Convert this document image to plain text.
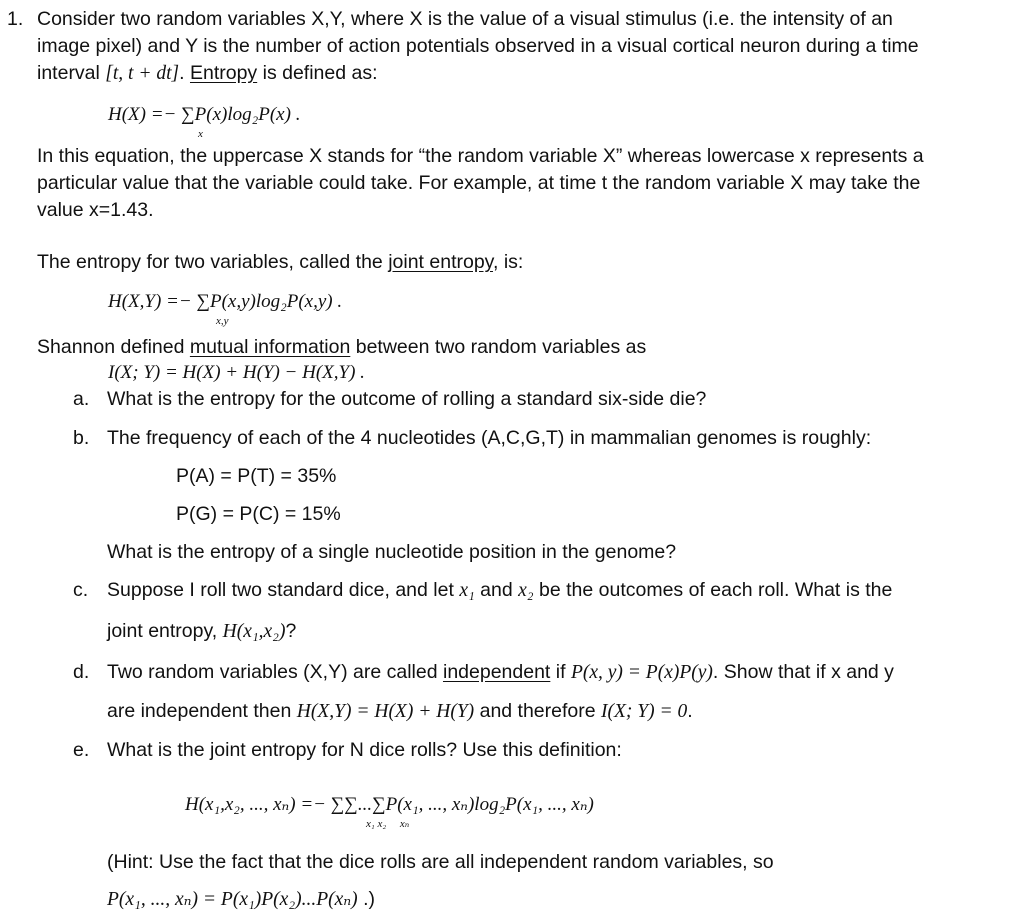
1. Consider two random variables X,Y, where X is the value of a visual stimulus (i.e. the intensity of an
image pixel) and Y is the number of action potentials observed in a visual cortical neuron during a time
interval [t, t + dt]. Entropy is defined as:
H(X) =− ∑P(x)log₂P(x) .
x
In this equation, the uppercase X stands for “the random variable X” whereas lowercase x represents a
particular value that the variable could take. For example, at time t the random variable X may take the
value x=1.43.
The entropy for two variables, called the joint entropy, is:
H(X,Y) =− ∑P(x,y)log₂P(x,y) .
x,y
Shannon defined mutual information between two random variables as
I(X; Y) = H(X) + H(Y) − H(X,Y) .
a. What is the entropy for the outcome of rolling a standard six-side die?
b. The frequency of each of the 4 nucleotides (A,C,G,T) in mammalian genomes is roughly:
P(A) = P(T) = 35%
P(G) = P(C) = 15%
What is the entropy of a single nucleotide position in the genome?
c. Suppose I roll two standard dice, and let x₁ and x₂ be the outcomes of each roll. What is the
joint entropy, H(x₁,x₂)?
d. Two random variables (X,Y) are called independent if P(x, y) = P(x)P(y). Show that if x and y
are independent then H(X,Y) = H(X) + H(Y) and therefore I(X; Y) = 0.
e. What is the joint entropy for N dice rolls? Use this definition:
H(x₁,x₂, ..., xₙ) =− ∑∑...∑P(x₁, ..., xₙ)log₂P(x₁, ..., xₙ)
x₁ x₂     xₙ
(Hint: Use the fact that the dice rolls are all independent random variables, so
P(x₁, ..., xₙ) = P(x₁)P(x₂)...P(xₙ) .)
